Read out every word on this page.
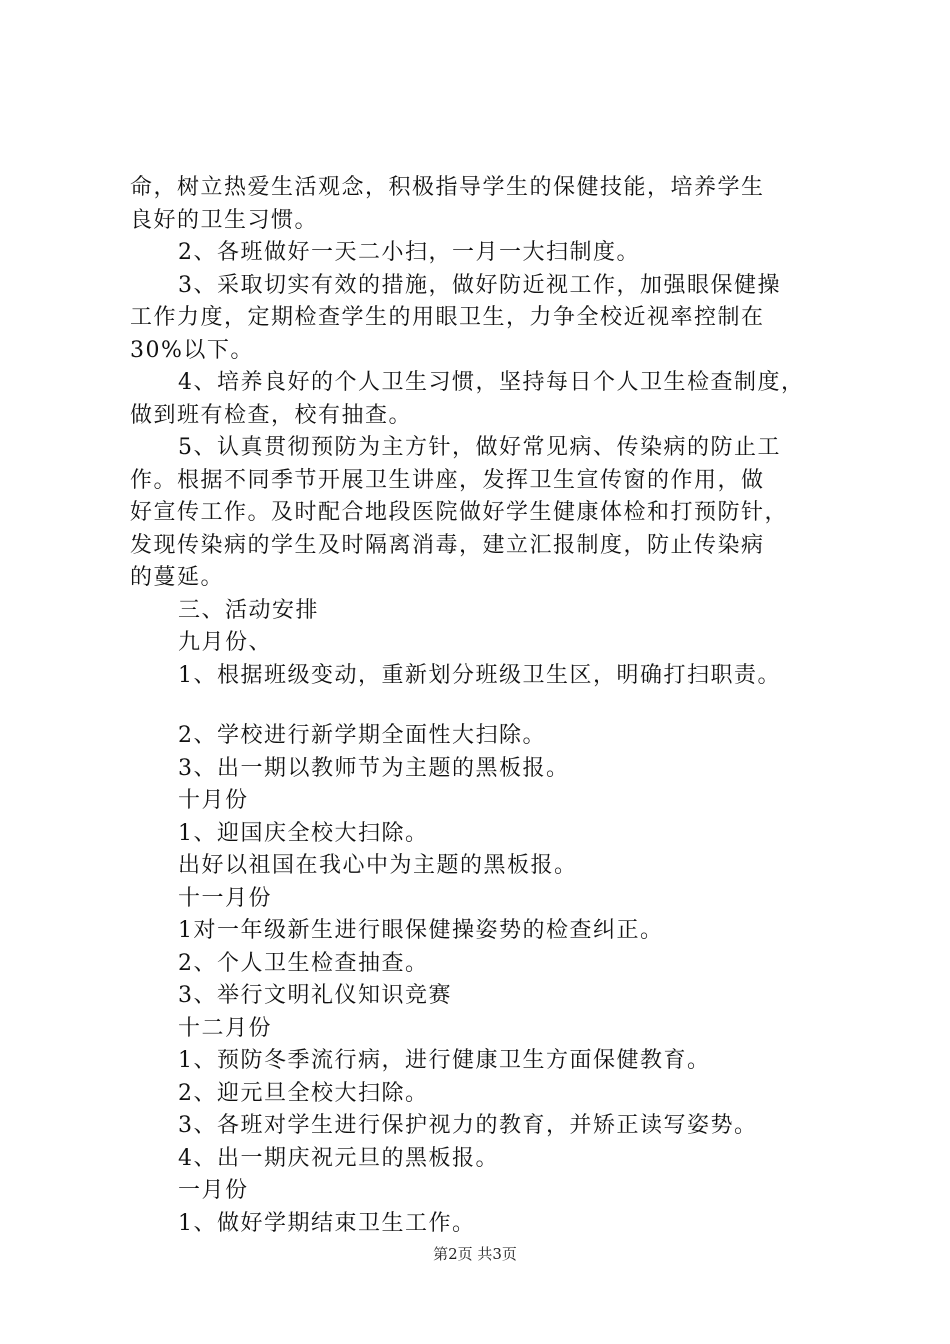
命，树立热爱生活观念，积极指导学生的保健技能，培养学生
良好的卫生习惯。
2、各班做好一天二小扫，一月一大扫制度。
3、采取切实有效的措施，做好防近视工作，加强眼保健操
工作力度，定期检查学生的用眼卫生，力争全校近视率控制在
30%以下。
4、培养良好的个人卫生习惯，坚持每日个人卫生检查制度，
做到班有检查，校有抽查。
5、认真贯彻预防为主方针，做好常见病、传染病的防止工
作。根据不同季节开展卫生讲座，发挥卫生宣传窗的作用，做
好宣传工作。及时配合地段医院做好学生健康体检和打预防针，
发现传染病的学生及时隔离消毒，建立汇报制度，防止传染病
的蔓延。
三、活动安排
九月份、
1、根据班级变动，重新划分班级卫生区，明确打扫职责。
2、学校进行新学期全面性大扫除。
3、出一期以教师节为主题的黑板报。
十月份
1、迎国庆全校大扫除。
出好以祖国在我心中为主题的黑板报。
十一月份
1对一年级新生进行眼保健操姿势的检查纠正。
2、个人卫生检查抽查。
3、举行文明礼仪知识竞赛
十二月份
1、预防冬季流行病，进行健康卫生方面保健教育。
2、迎元旦全校大扫除。
3、各班对学生进行保护视力的教育，并矫正读写姿势。
4、出一期庆祝元旦的黑板报。
一月份
1、做好学期结束卫生工作。
第2页 共3页
